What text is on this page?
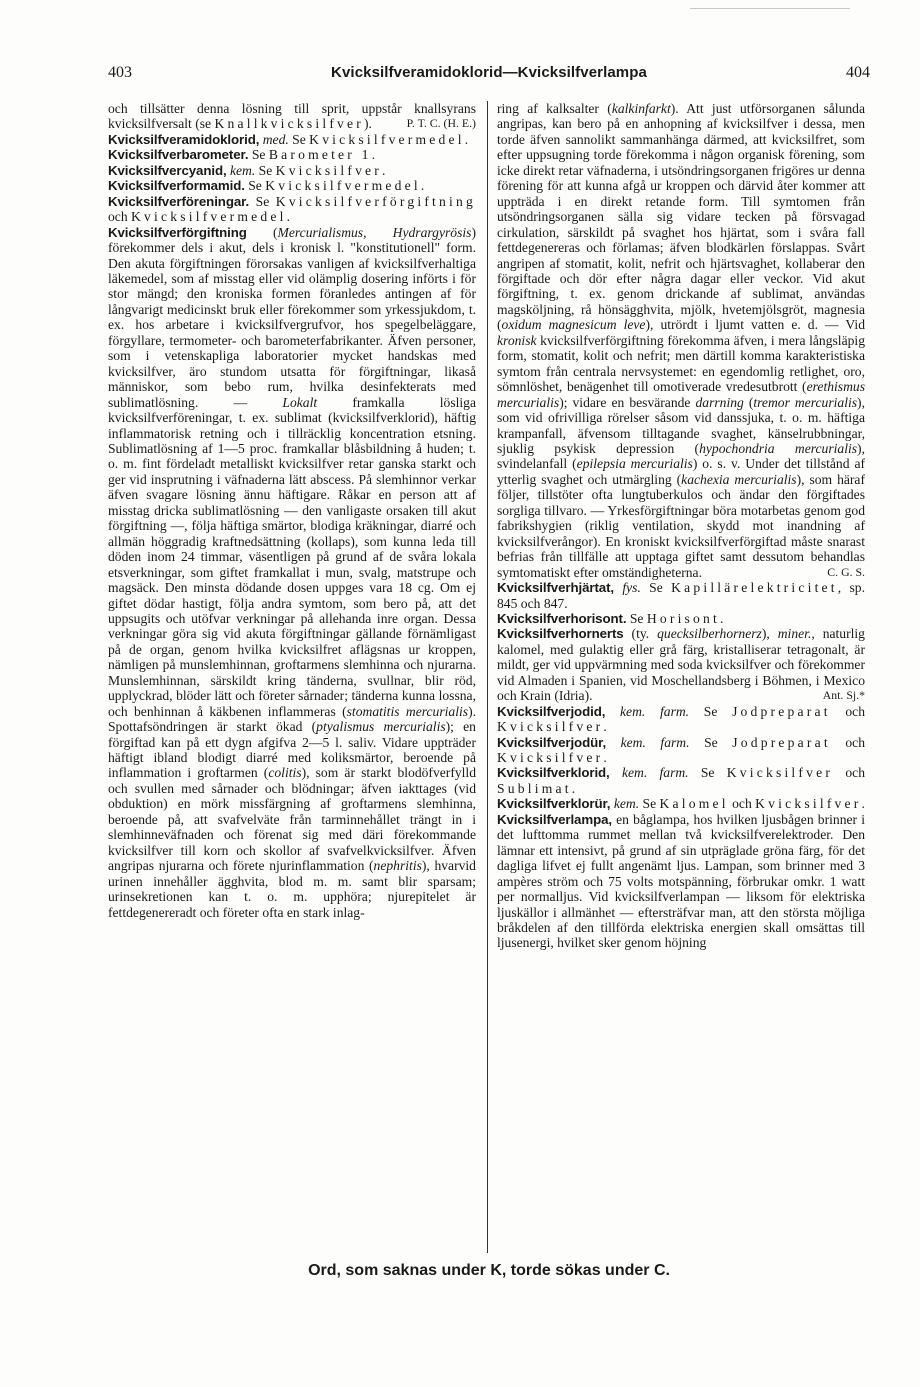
403	Kvicksilfveramidoklorid—Kvicksilfverlampa	404

och tillsätter denna lösning till sprit, uppstår knallsyrans kvicksilfversalt (se Knallkvicksilfver).	P. T. C. (H. E.)

Kvicksilfveramidoklorid, med. Se Kvicksilfvermedel.

Kvicksilfverbarometer. Se Barometer 1.

Kvicksilfvercyanid, kem. Se Kvicksilfver.

Kvicksilfverformamid. Se Kvicksilfvermedel.

Kvicksilfverföreningar. Se Kvicksilfverförgiftning och Kvicksilfvermedel.

Kvicksilfverförgiftning (Mercurialismus, Hydrargyrösis) förekommer dels i akut, dels i kronisk l. "konstitutionell" form. Den akuta förgiftningen förorsakas vanligen af kvicksilfverhaltiga läkemedel, som af misstag eller vid olämplig dosering införts i för stor mängd; den kroniska formen föranledes antingen af för långvarigt medicinskt bruk eller förekommer som yrkessjukdom, t. ex. hos arbetare i kvicksilfvergrufvor, hos spegelbeläggare, förgyllare, termometer- och barometerfabrikanter. Äfven personer, som i vetenskapliga laboratorier mycket handskas med kvicksilfver, äro stundom utsatta för förgiftningar, likaså människor, som bebo rum, hvilka desinfekterats med sublimatlösning. — Lokalt framkalla lösliga kvicksilfverföreningar, t. ex. sublimat (kvicksilfverklorid), häftig inflammatorisk retning och i tillräcklig koncentration etsning. Sublimatlösning af 1—5 proc. framkallar blåsbildning å huden; t. o. m. fint fördeladt metalliskt kvicksilfver retar ganska starkt och ger vid insprutning i väfnaderna lätt abscess. På slemhinnor verkar äfven svagare lösning ännu häftigare. Råkar en person att af misstag dricka sublimatlösning — den vanligaste orsaken till akut förgiftning —, följa häftiga smärtor, blodiga kräkningar, diarré och allmän höggradig kraftnedsättning (kollaps), som kunna leda till döden inom 24 timmar, väsentligen på grund af de svåra lokala etsverkningar, som giftet framkallat i mun, svalg, matstrupe och magsäck. Den minsta dödande dosen uppges vara 18 cg. Om ej giftet dödar hastigt, följa andra symtom, som bero på, att det uppsugits och utöfvar verkningar på allehanda inre organ. Dessa verkningar göra sig vid akuta förgiftningar gällande förnämligast på de organ, genom hvilka kvicksilfret aflägsnas ur kroppen, nämligen på munslemhinnan, groftarmens slemhinna och njurarna. Munslemhinnan, särskildt kring tänderna, svullnar, blir röd, upplyckrad, blöder lätt och företer sårnader; tänderna kunna lossna, och benhinnan å käkbenen inflammeras (stomatitis mercurialis). Spottafsöndringen är starkt ökad (ptyalismus mercurialis); en förgiftad kan på ett dygn afgifva 2—5 l. saliv. Vidare uppträder häftigt ibland blodigt diarré med koliksmärtor, beroende på inflammation i groftarmen (colitis), som är starkt blodöfverfylld och svullen med sårnader och blödningar; äfven iakttages (vid obduktion) en mörk missfärgning af groftarmens slemhinna, beroende på, att svafvelväte från tarminnehållet trängt in i slemhinneväfnaden och förenat sig med däri förekommande kvicksilfver till korn och skollor af svafvelkvicksilfver. Äfven angripas njurarna och förete njurinflammation (nephritis), hvarvid urinen innehåller ägghvita, blod m. m. samt blir sparsam; urinsekretionen kan t. o. m. upphöra; njurepitelet är fettdegenereradt och företer ofta en stark inlag-

ring af kalksalter (kalkinfarkt). Att just utförsorganen sålunda angripas, kan bero på en anhopning af kvicksilfver i dessa, men torde äfven sannolikt sammanhänga därmed, att kvicksilfret, som efter uppsugning torde förekomma i någon organisk förening, som icke direkt retar väfnaderna, i utsöndringsorganen frigöres ur denna förening för att kunna afgå ur kroppen och därvid åter kommer att uppträda i en direkt retande form. Till symtomen från utsöndringsorganen sälla sig vidare tecken på försvagad cirkulation, särskildt på svaghet hos hjärtat, som i svåra fall fettdegenereras och förlamas; äfven blodkärlen förslappas. Svårt angripen af stomatit, kolit, nefrit och hjärtsvaghet, kollaberar den förgiftade och dör efter några dagar eller veckor. Vid akut förgiftning, t. ex. genom drickande af sublimat, användas magsköljning, rå hönsägghvita, mjölk, hvetemjölsgröt, magnesia (oxidum magnesicum leve), utrördt i ljumt vatten e. d. — Vid kronisk kvicksilfverförgiftning förekomma äfven, i mera långsläpig form, stomatit, kolit och nefrit; men därtill komma karakteristiska symtom från centrala nervsystemet: en egendomlig retlighet, oro, sömnlöshet, benägenhet till omotiverade vredesutbrott (erethismus mercurialis); vidare en besvärande darrning (tremor mercurialis), som vid ofrivilliga rörelser såsom vid danssjuka, t. o. m. häftiga krampanfall, äfvensom tilltagande svaghet, känselrubbningar, sjuklig psykisk depression (hypochondria mercurialis), svindelanfall (epilepsia mercurialis) o. s. v. Under det tillstånd af ytterlig svaghet och utmärgling (kachexia mercurialis), som häraf följer, tillstöter ofta lungtuberkulos och ändar den förgiftades sorgliga tillvaro. — Yrkesförgiftningar böra motarbetas genom god fabrikshygien (riklig ventilation, skydd mot inandning af kvicksilfverångor). En kroniskt kvicksilfverförgiftad måste snarast befrias från tillfälle att upptaga giftet samt dessutom behandlas symtomatiskt efter omständigheterna.	C. G. S.

Kvicksilfverhjärtat, fys. Se Kapillärelektricitet, sp. 845 och 847.

Kvicksilfverhorisont. Se Horisont.

Kvicksilfverhornerts (ty. quecksilberhornerz), miner., naturlig kalomel, med gulaktig eller grå färg, kristalliserar tetragonalt, är mildt, ger vid uppvärmning med soda kvicksilfver och förekommer vid Almaden i Spanien, vid Moschellandsberg i Böhmen, i Mexico och Krain (Idria).	Ant. Sj.*

Kvicksilfverjodid, kem. farm. Se Jodpreparat och Kvicksilfver.

Kvicksilfverjodür, kem. farm. Se Jodpreparat och Kvicksilfver.

Kvicksilfverklorid, kem. farm. Se Kvicksilfver och Sublimat.

Kvicksilfverklorür, kem. Se Kalomel och Kvicksilfver.

Kvicksilfverlampa, en båglampa, hos hvilken ljusbågen brinner i det lufttomma rummet mellan två kvicksilfverelektroder. Den lämnar ett intensivt, på grund af sin utpräglade gröna färg, för det dagliga lifvet ej fullt angenämt ljus. Lampan, som brinner med 3 ampères ström och 75 volts motspänning, förbrukar omkr. 1 watt per normalljus. Vid kvicksilfverlampan — liksom för elektriska ljuskällor i allmänhet — eftersträfvar man, att den största möjliga bråkdelen af den tillförda elektriska energien skall omsättas till ljusenergi, hvilket sker genom höjning

Ord, som saknas under K, torde sökas under C.
